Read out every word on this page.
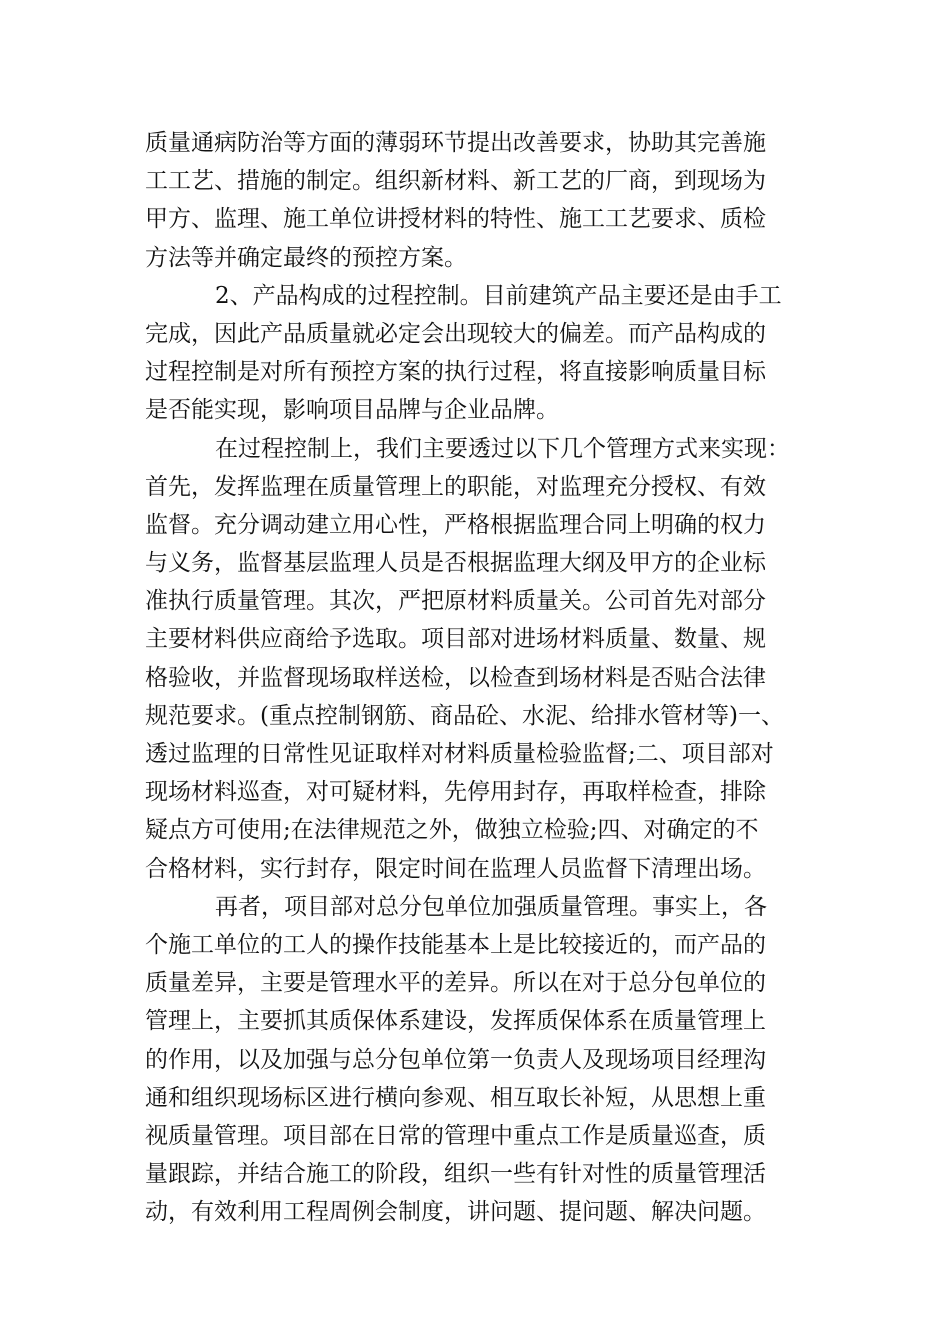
质量通病防治等方面的薄弱环节提出改善要求，协助其完善施
工工艺、措施的制定。组织新材料、新工艺的厂商，到现场为
甲方、监理、施工单位讲授材料的特性、施工工艺要求、质检
方法等并确定最终的预控方案。
2、产品构成的过程控制。目前建筑产品主要还是由手工
完成，因此产品质量就必定会出现较大的偏差。而产品构成的
过程控制是对所有预控方案的执行过程，将直接影响质量目标
是否能实现，影响项目品牌与企业品牌。
在过程控制上，我们主要透过以下几个管理方式来实现：
首先，发挥监理在质量管理上的职能，对监理充分授权、有效
监督。充分调动建立用心性，严格根据监理合同上明确的权力
与义务，监督基层监理人员是否根据监理大纲及甲方的企业标
准执行质量管理。其次，严把原材料质量关。公司首先对部分
主要材料供应商给予选取。项目部对进场材料质量、数量、规
格验收，并监督现场取样送检，以检查到场材料是否贴合法律
规范要求。(重点控制钢筋、商品砼、水泥、给排水管材等)一、
透过监理的日常性见证取样对材料质量检验监督;二、项目部对
现场材料巡查，对可疑材料，先停用封存，再取样检查，排除
疑点方可使用;在法律规范之外，做独立检验;四、对确定的不
合格材料，实行封存，限定时间在监理人员监督下清理出场。
再者，项目部对总分包单位加强质量管理。事实上，各
个施工单位的工人的操作技能基本上是比较接近的，而产品的
质量差异，主要是管理水平的差异。所以在对于总分包单位的
管理上，主要抓其质保体系建设，发挥质保体系在质量管理上
的作用，以及加强与总分包单位第一负责人及现场项目经理沟
通和组织现场标区进行横向参观、相互取长补短，从思想上重
视质量管理。项目部在日常的管理中重点工作是质量巡查，质
量跟踪，并结合施工的阶段，组织一些有针对性的质量管理活
动，有效利用工程周例会制度，讲问题、提问题、解决问题。
